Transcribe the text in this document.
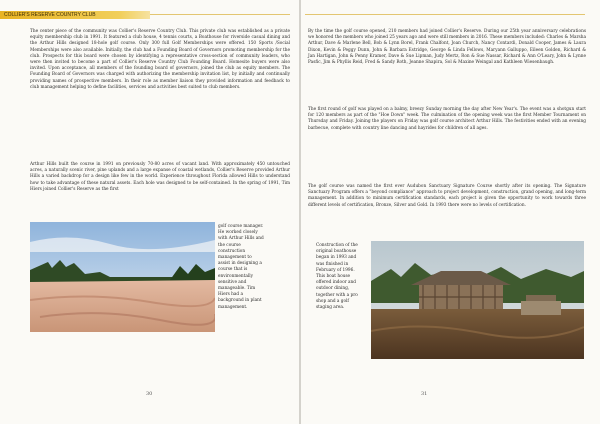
COLLIER'S RESERVE COUNTRY CLUB

The center piece of the community was Collier's Reserve Country Club. This private club was established as a private equity membership club in 1991. It featured a club house, 4 tennis courts, a Boathouse for riverside casual dining and the Arthur Hills designed 18-hole golf course. Only 300 full Golf Memberships were offered. 150 Sports /Social Memberships were also available. Initially, the club had a Founding Board of Governors promoting membership for the club. Prospects for this board were chosen by identifying a representative cross-section of community leaders, who were then invited to become a part of Collier's Reserve Country Club Founding Board. Homesite buyers were also invited. Upon acceptance, all members of the founding board of governors, joined the club as equity members. The Founding Board of Governors was charged with authorizing the membership invitation list, by initially and continually providing names of prospective members. In their role as member liaison they provided information and feedback to club management helping to define facilities, services and activities best suited to club members.

Arthur Hills built the course in 1991 on previously 70-80 acres of vacant land. With approximately 450 untouched acres, a naturally scenic river, pine uplands and a large expanse of coastal wetlands, Collier's Reserve provided Arthur Hills a varied backdrop for a design like few in the world. Experience throughout Florida allowed Hills to understand how to take advantage of these natural assets. Each hole was designed to be self-contained. In the spring of 1991, Tim Hiers joined Collier's Reserve as the first

golf course manager.
He worked closely
with Arthur Hills and
the course
construction
management to
assist in designing a
course that is
environmentally
sensitive and
manageable. Tim
Hiers had a
background in plant
management.

30

By the time the golf course opened, 210 members had joined Collier's Reserve. During our 25th year anniversary celebrations we honored the members who joined 25 years ago and were still members in 2016. These members included: Charles & Marsha Arthur, Dave & Marlene Bell, Bob & Lynn Borel, Frank Chalfont, Joan Church, Nancy Contardi, Donald Cooper, James & Laura Dixon, Kevin & Peggy Dunn, John & Barbara Estridge, George & Linda Fellows, Maryann Galluppo, Eileen Golden, Richard & Jan Hartigan, John & Penny Kramer, Dave & Sue Lipman, Judy Mertz, Ron & Sue Nassar, Richard & Ann O'Leary, John & Lynne Pasfic, Jim & Phyllis Reid, Fred & Sandy Roth, Jeanne Shapira, Sol & Maxine Weingal and Kathleen Wiesenbaugh.

The first round of golf was played on a balmy, breezy Sunday morning the day after New Year's. The event was a shotgun start for 120 members as part of the "Hoe Down" week. The culmination of the opening week was the first Member Tournament on Thursday and Friday. Joining the players on Friday was golf course architect Arthur Hills. The festivities ended with an evening barbecue, complete with country line dancing and hayrides for children of all ages.

The golf course was named the first ever Audubon Sanctuary Signature Course shortly after its opening. The Signature Sanctuary Program offers a "beyond compliance" approach to project development, construction, grand opening, and long-term management. In addition to minimum certification standards, each project is given the opportunity to work towards three different levels of certification, Bronze, Silver and Gold. In 1993 there were no levels of certification.

Construction of the
original boathouse
began in 1993 and
was finished in
February of 1996.
This boat house
offered indoor and
outdoor dining,
together with a pro
shop and a golf
staging area.

31
